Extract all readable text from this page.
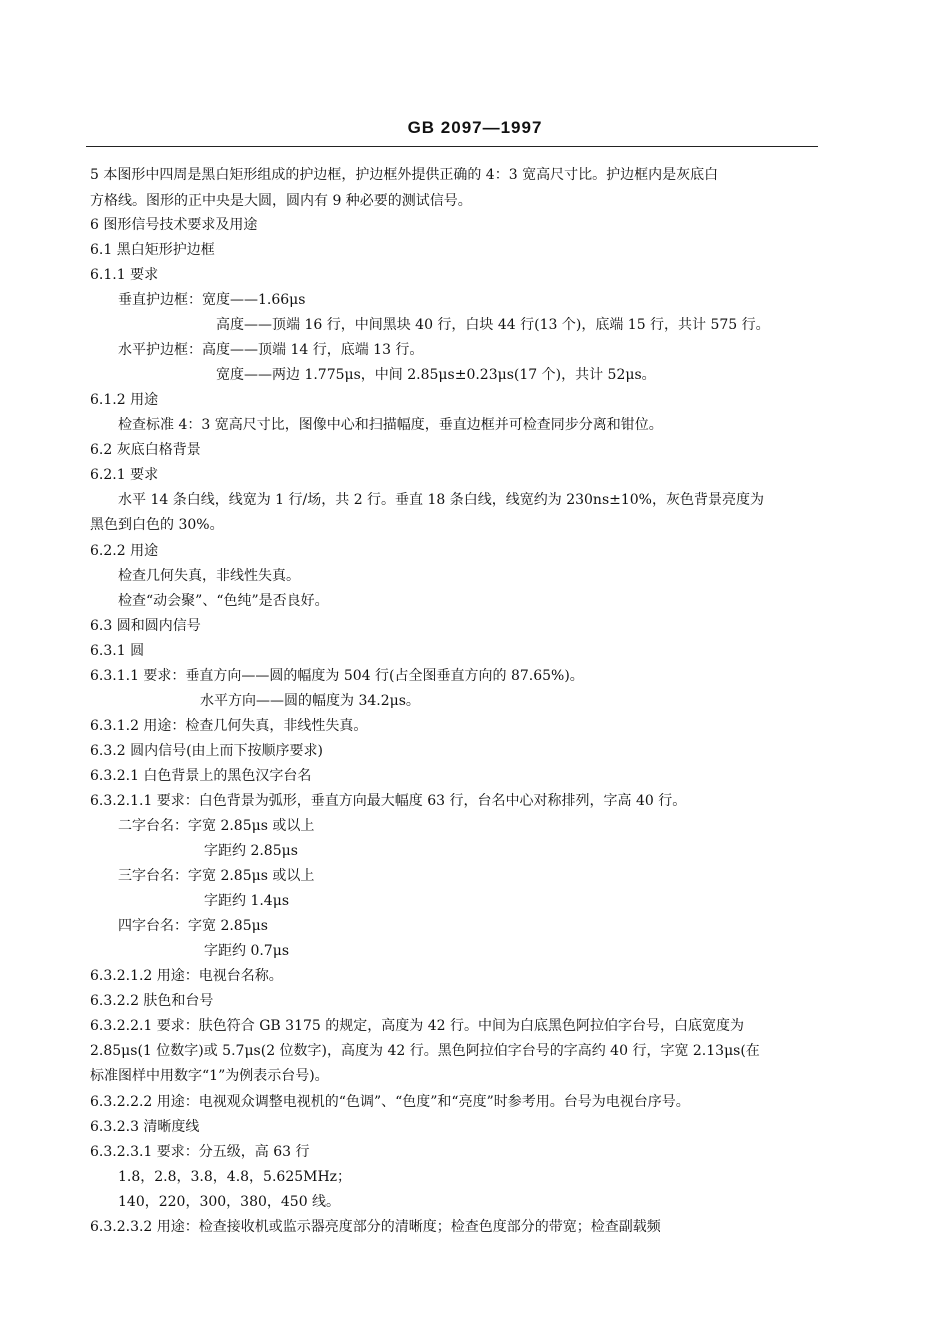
GB 2097—1997
5 本图形中四周是黑白矩形组成的护边框，护边框外提供正确的 4：3 宽高尺寸比。护边框内是灰底白
方格线。图形的正中央是大圆，圆内有 9 种必要的测试信号。
6 图形信号技术要求及用途
6.1 黑白矩形护边框
6.1.1 要求
垂直护边框：宽度——1.66μs
高度——顶端 16 行，中间黑块 40 行，白块 44 行(13 个)，底端 15 行，共计 575 行。
水平护边框：高度——顶端 14 行，底端 13 行。
宽度——两边 1.775μs，中间 2.85μs±0.23μs(17 个)，共计 52μs。
6.1.2 用途
检查标准 4：3 宽高尺寸比，图像中心和扫描幅度，垂直边框并可检查同步分离和钳位。
6.2 灰底白格背景
6.2.1 要求
水平 14 条白线，线宽为 1 行/场，共 2 行。垂直 18 条白线，线宽约为 230ns±10%，灰色背景亮度为
黑色到白色的 30%。
6.2.2 用途
检查几何失真，非线性失真。
检查“动会聚”、“色纯”是否良好。
6.3 圆和圆内信号
6.3.1 圆
6.3.1.1 要求：垂直方向——圆的幅度为 504 行(占全图垂直方向的 87.65%)。
水平方向——圆的幅度为 34.2μs。
6.3.1.2 用途：检查几何失真，非线性失真。
6.3.2 圆内信号(由上而下按顺序要求)
6.3.2.1 白色背景上的黑色汉字台名
6.3.2.1.1 要求：白色背景为弧形，垂直方向最大幅度 63 行，台名中心对称排列，字高 40 行。
二字台名：字宽 2.85μs 或以上
字距约 2.85μs
三字台名：字宽 2.85μs 或以上
字距约 1.4μs
四字台名：字宽 2.85μs
字距约 0.7μs
6.3.2.1.2 用途：电视台名称。
6.3.2.2 肤色和台号
6.3.2.2.1 要求：肤色符合 GB 3175 的规定，高度为 42 行。中间为白底黑色阿拉伯字台号，白底宽度为
2.85μs(1 位数字)或 5.7μs(2 位数字)，高度为 42 行。黑色阿拉伯字台号的字高约 40 行，字宽 2.13μs(在
标准图样中用数字“1”为例表示台号)。
6.3.2.2.2 用途：电视观众调整电视机的“色调”、“色度”和“亮度”时参考用。台号为电视台序号。
6.3.2.3 清晰度线
6.3.2.3.1 要求：分五级，高 63 行
1.8，2.8，3.8，4.8，5.625MHz；
140，220，300，380，450 线。
6.3.2.3.2 用途：检查接收机或监示器亮度部分的清晰度；检查色度部分的带宽；检查副载频
